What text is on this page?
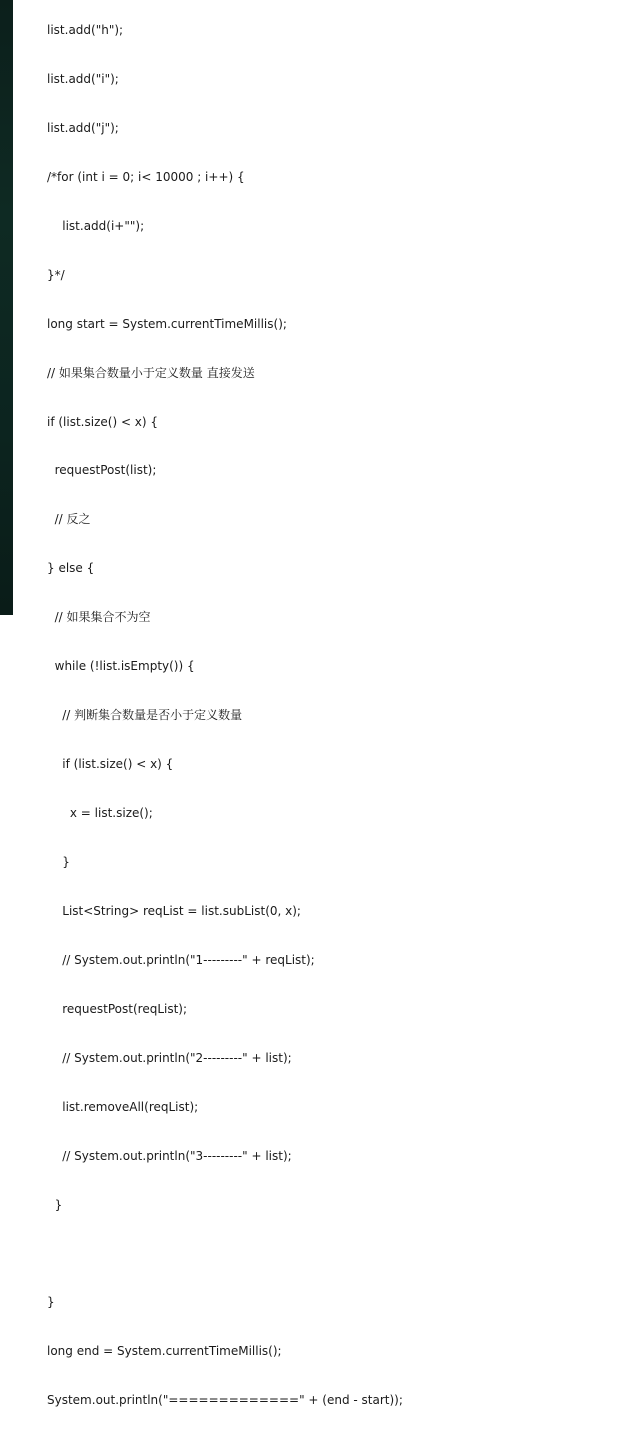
list.add("h");

list.add("i");

list.add("j");

/*for (int i = 0; i< 10000 ; i++) {

list.add(i+"");

}*/

long start = System.currentTimeMillis();

// 如果集合数量小于定义数量 直接发送

if (list.size() < x) {

requestPost(list);

// 反之

} else {

// 如果集合不为空

while (!list.isEmpty()) {

// 判断集合数量是否小于定义数量

if (list.size() < x) {

x = list.size();

}

List<String> reqList = list.subList(0, x);

// System.out.println("1---------" + reqList);

requestPost(reqList);

// System.out.println("2---------" + list);

list.removeAll(reqList);

// System.out.println("3---------" + list);

}

}

long end = System.currentTimeMillis();

System.out.println("=============" + (end - start));
